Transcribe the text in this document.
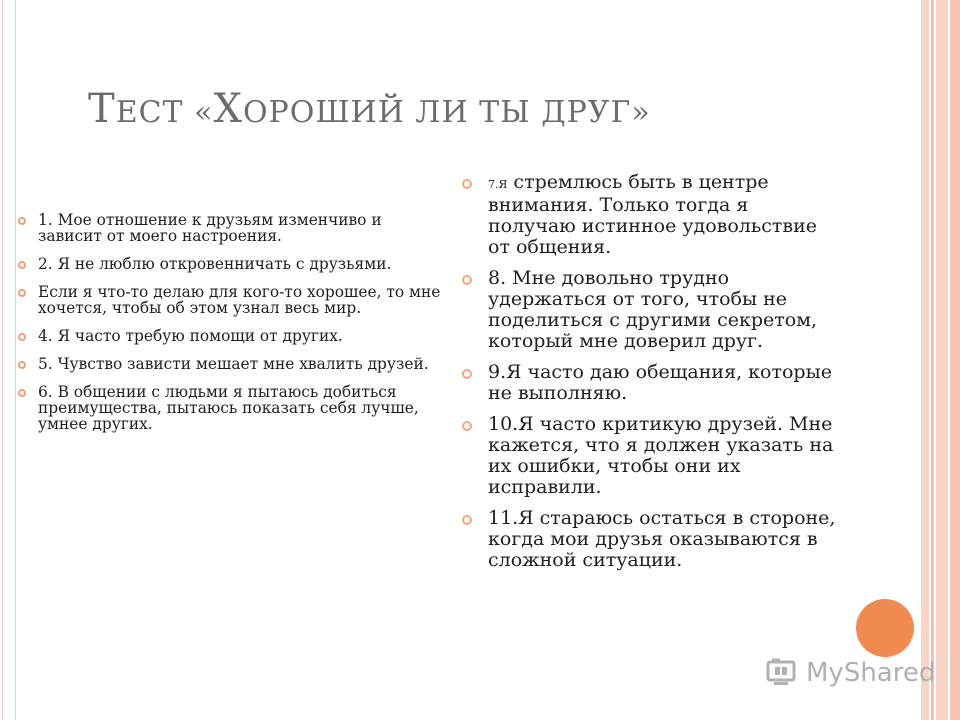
ТЕСТ «ХОРОШИЙ ЛИ ТЫ ДРУГ»
1. Мое отношение к друзьям изменчиво и зависит от моего настроения.
2. Я не люблю откровенничать с друзьями.
Если я что-то делаю для кого-то хорошее, то мне хочется, чтобы об этом узнал весь мир.
4. Я часто требую помощи от других.
5. Чувство зависти мешает мне хвалить друзей.
6. В общении с людьми я пытаюсь добиться преимущества, пытаюсь показать себя лучше, умнее других.
7.Я стремлюсь быть в центре внимания. Только тогда я получаю истинное удовольствие от общения.
8. Мне довольно трудно удержаться от того, чтобы не поделиться с другими секретом, который мне доверил друг.
9.Я часто даю обещания, которые не выполняю.
10.Я часто критикую друзей. Мне кажется, что я должен указать на их ошибки, чтобы они их исправили.
11.Я стараюсь остаться в стороне, когда мои друзья оказываются в сложной ситуации.
MyShared
